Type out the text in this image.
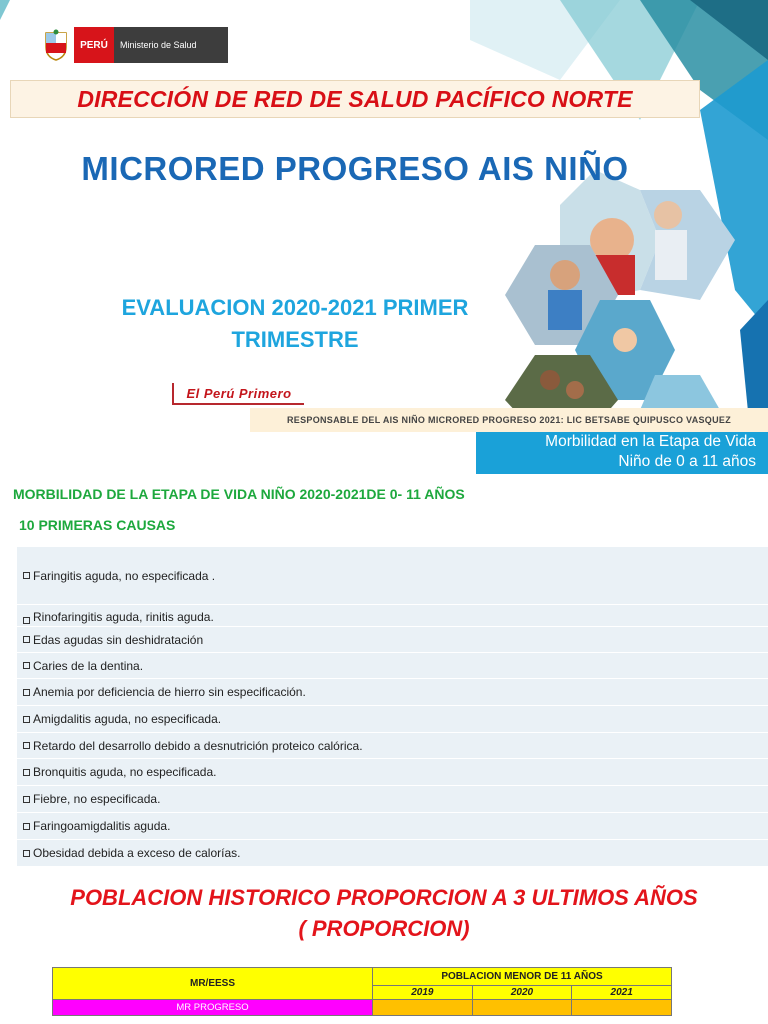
PERÚ	Ministerio de Salud
DIRECCIÓN DE RED DE SALUD PACÍFICO NORTE
MICRORED PROGRESO AIS NIÑO
EVALUACION 2020-2021 PRIMER
TRIMESTRE
El Perú Primero
RESPONSABLE DEL AIS NIÑO MICRORED PROGRESO 2021: LIC BETSABE QUIPUSCO VASQUEZ
Morbilidad en la Etapa de Vida
Niño de 0 a 11 años
MORBILIDAD DE LA ETAPA DE VIDA NIÑO 2020-2021DE 0- 11 AÑOS
10 PRIMERAS CAUSAS
Faringitis aguda, no especificada .
Rinofaringitis aguda, rinitis aguda.
Edas agudas sin deshidratación
Caries de la dentina.
Anemia por deficiencia de hierro sin especificación.
Amigdalitis aguda, no especificada.
Retardo del desarrollo debido a desnutrición proteico calórica.
Bronquitis aguda, no especificada.
Fiebre, no especificada.
Faringoamigdalitis aguda.
Obesidad debida a exceso de calorías.
POBLACION HISTORICO PROPORCION A 3 ULTIMOS AÑOS
( PROPORCION)
MR/EESS	POBLACION MENOR DE 11 AÑOS		
	2019	2020	2021
MR PROGRESO			
